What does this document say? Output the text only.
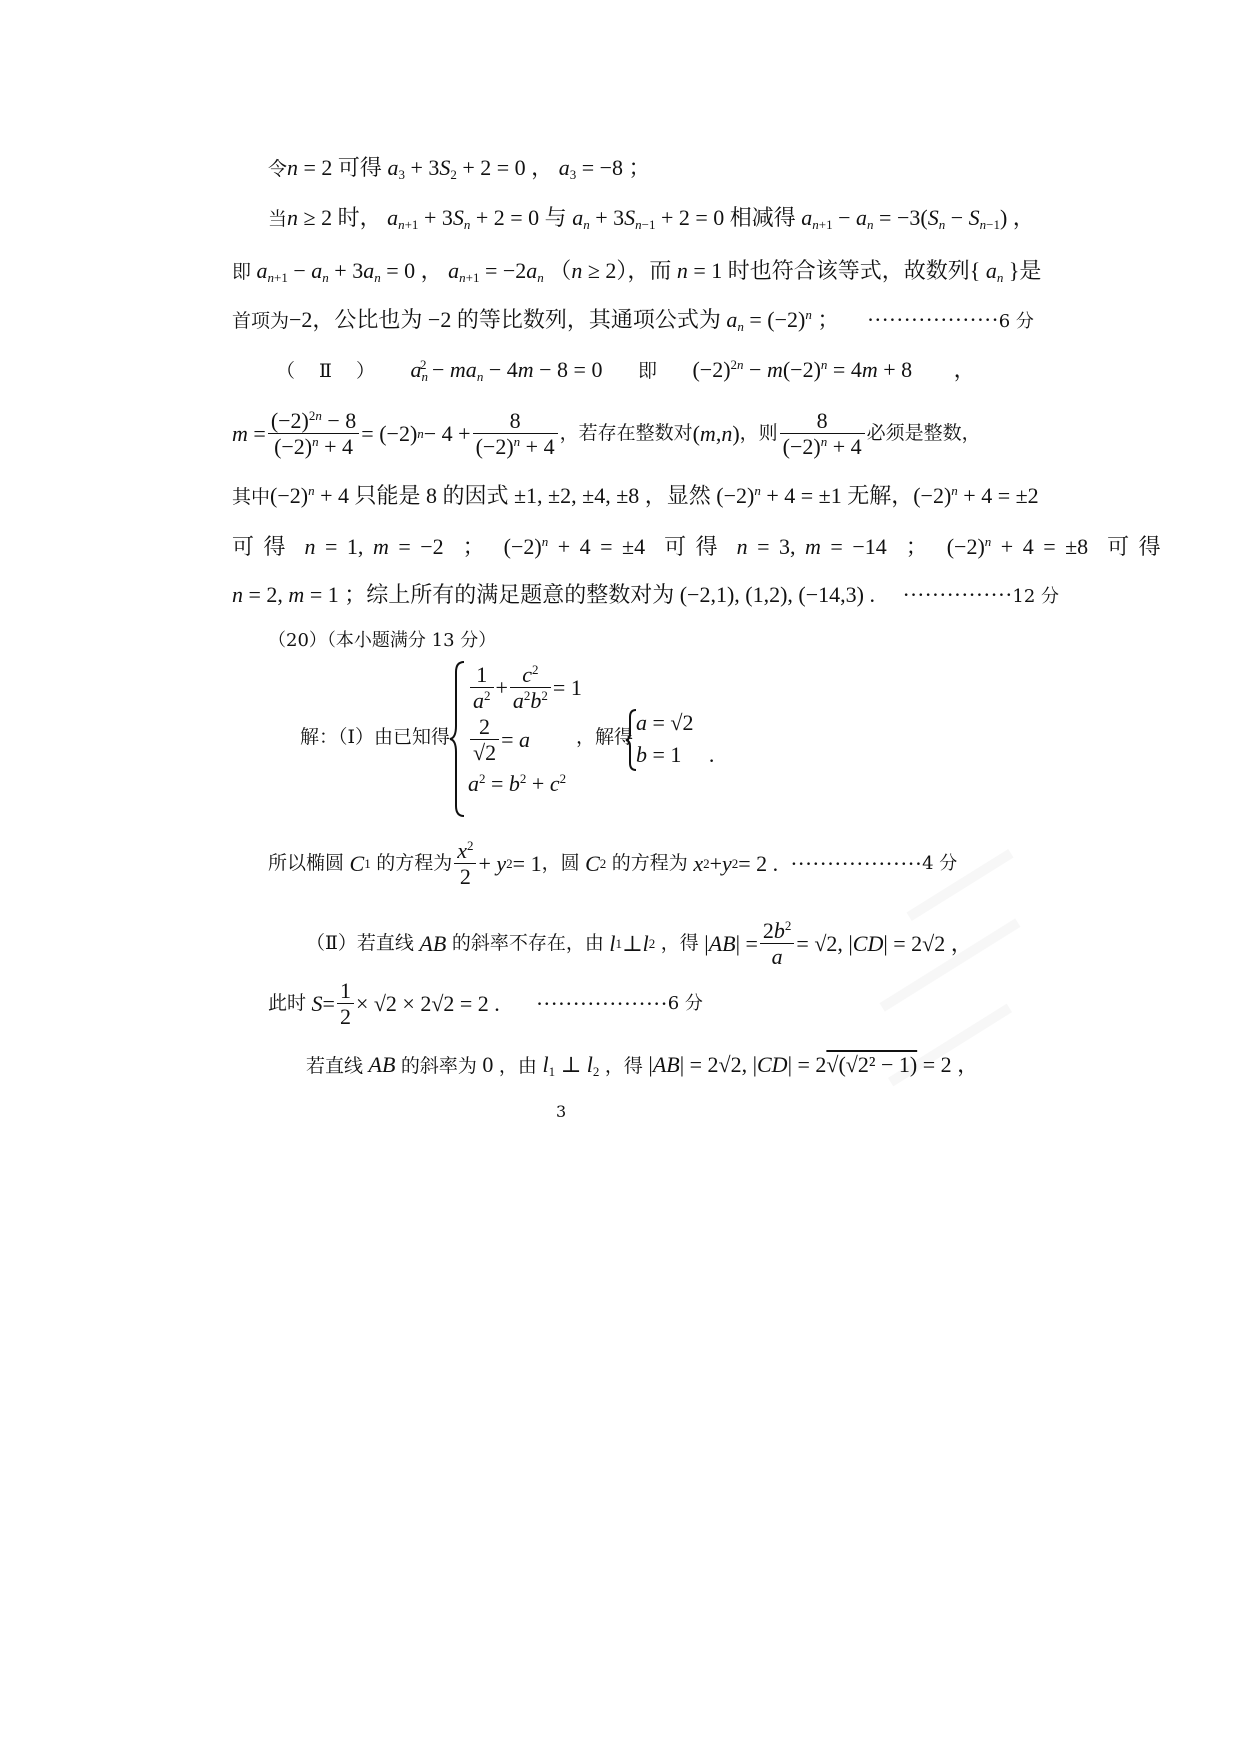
令n = 2 可得 $a_3 + 3S_2 + 2 = 0$ ， $a_3 = -8$ ；
当n ≥ 2 时， $a_{n+1} + 3S_n + 2 = 0$ 与 $a_n + 3S_{n-1} + 2 = 0$ 相减得 $a_{n+1} - a_n = -3(S_n - S_{n-1})$ ，
即 $a_{n+1} - a_n + 3a_n = 0$ ， $a_{n+1} = -2a_n$ （n ≥ 2），而 n = 1 时也符合该等式，故数列{ $a_n$ }是
首项为−2，公比也为 −2 的等比数列，其通项公式为 $a_n = (-2)^n$ ； ··················6 分
（ Ⅱ ） $a_n^2 - ma_n - 4m - 8 = 0$ 即 $(-2)^{2n} - m(-2)^n = 4m + 8$ ，
$m = \frac{(-2)^{2n} - 8}{(-2)^n + 4} = (-2) n - 4 + \frac{8}{(-2)^n + 4}$ ，若存在整数对 ( m , n ) ，则 $\frac{8}{(-2)^n + 4}$ 必须是整数，
其中$(-2)^n + 4$ 只能是 8 的因式 ±1, ±2, ±4, ±8 ，显然 $(-2)^n + 4 = \pm 1$ 无解，$(-2)^n + 4 = \pm 2$
可 得  n = 1, m = −2  ；  $(-2)^n + 4 = \pm 4$  可 得  n = 3, m = −14  ；  $(-2)^n + 4 = \pm 8$  可 得
n = 2, m = 1 ；综上所有的满足题意的整数对为 (−2,1), (1,2), (−14,3) . ···············12 分
（20）（本小题满分 13 分）
解：（Ⅰ）由已知得
$\frac{1}{a^2} + \frac{c^2}{a^2b^2} = 1$
$\frac{2}{√2} = a$
$a^2 = b^2 + c^2$
，解得
a = √2
b = 1     .
所以椭圆
C 1
的方程为 $\frac{x^2}{2} + y$ 2 = 1 ，圆
C 2
的方程为
x 2 + y 2 = 2 . ·················· 4 分
（Ⅱ）若直线
AB
的斜率不存在，由
l 1 ⊥ l 2
，得 | AB | = $\frac{2b^2}{a} = √2$, | CD | = 2√2 ，
此时
$S = \frac{1}{2} \times √2 \times 2√2 = 2$ . ·················· 6 分
若直线 AB 的斜率为 0 ，由 $l_1$ ⊥ $l_2$ ，得 |AB| = 2√2, |CD| = 2√(√2² − 1) = 2 ，
3
